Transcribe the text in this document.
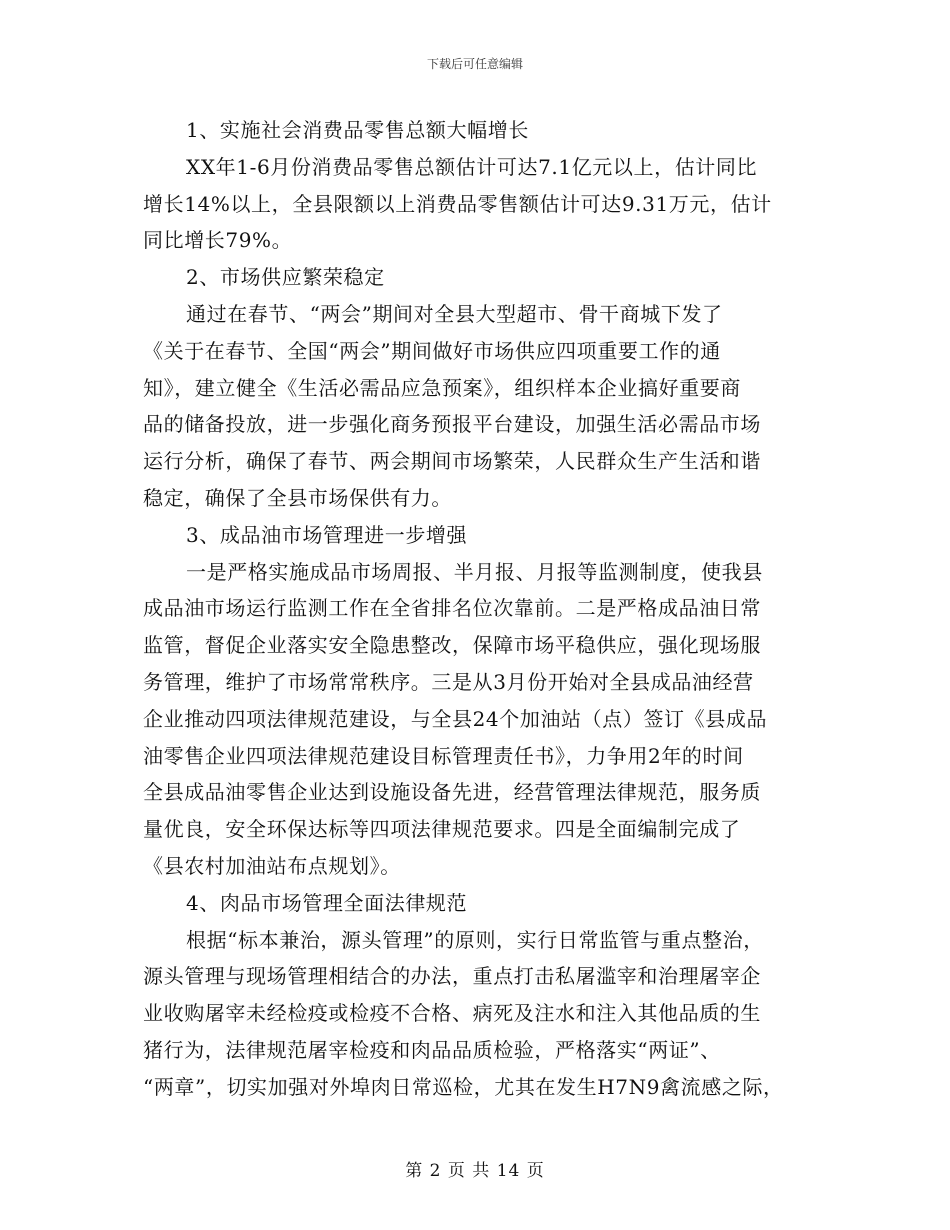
下载后可任意编辑
1、实施社会消费品零售总额大幅增长
XX年1-6月份消费品零售总额估计可达7.1亿元以上，估计同比
增长14%以上，全县限额以上消费品零售额估计可达9.31万元，估计
同比增长79%。
2、市场供应繁荣稳定
通过在春节、“两会”期间对全县大型超市、骨干商城下发了
《关于在春节、全国“两会”期间做好市场供应四项重要工作的通
知》，建立健全《生活必需品应急预案》，组织样本企业搞好重要商
品的储备投放，进一步强化商务预报平台建设，加强生活必需品市场
运行分析，确保了春节、两会期间市场繁荣，人民群众生产生活和谐
稳定，确保了全县市场保供有力。
3、成品油市场管理进一步增强
一是严格实施成品市场周报、半月报、月报等监测制度，使我县
成品油市场运行监测工作在全省排名位次靠前。二是严格成品油日常
监管，督促企业落实安全隐患整改，保障市场平稳供应，强化现场服
务管理，维护了市场常常秩序。三是从3月份开始对全县成品油经营
企业推动四项法律规范建设，与全县24个加油站（点）签订《县成品
油零售企业四项法律规范建设目标管理责任书》，力争用2年的时间
全县成品油零售企业达到设施设备先进，经营管理法律规范，服务质
量优良，安全环保达标等四项法律规范要求。四是全面编制完成了
《县农村加油站布点规划》。
4、肉品市场管理全面法律规范
根据“标本兼治，源头管理”的原则，实行日常监管与重点整治，
源头管理与现场管理相结合的办法，重点打击私屠滥宰和治理屠宰企
业收购屠宰未经检疫或检疫不合格、病死及注水和注入其他品质的生
猪行为，法律规范屠宰检疫和肉品品质检验，严格落实“两证”、
“两章”，切实加强对外埠肉日常巡检，尤其在发生H7N9禽流感之际，
第 2 页 共 14 页
